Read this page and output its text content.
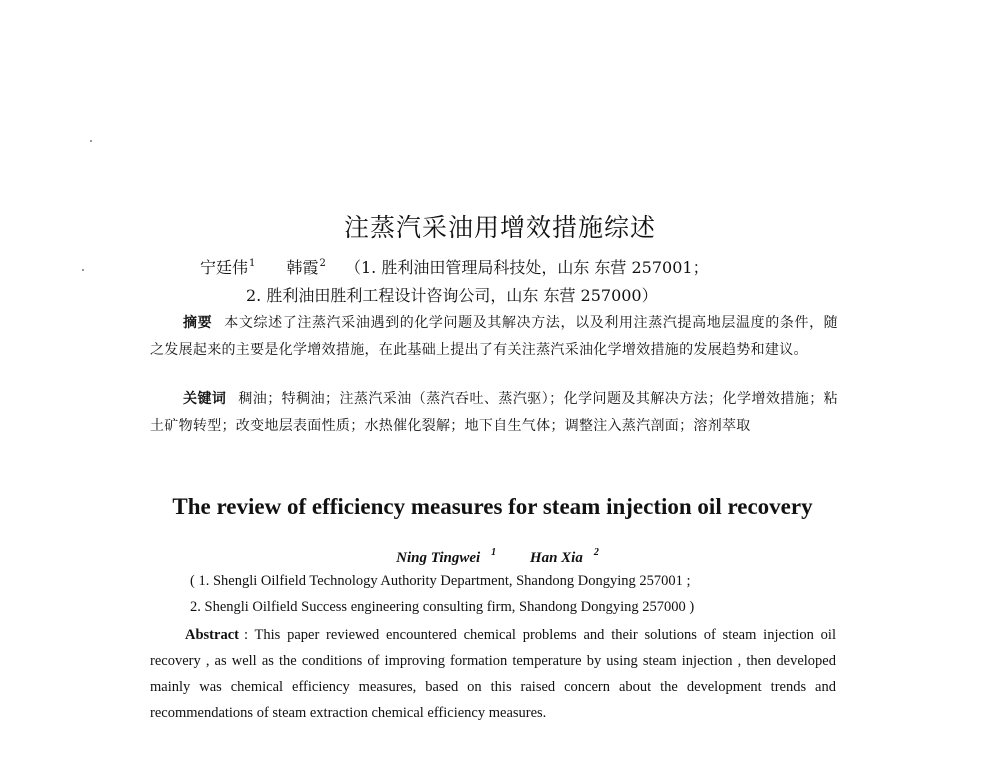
注蒸汽采油用增效措施综述
宁廷伟$^1$ 韩霞$^2$ （1. 胜利油田管理局科技处，山东 东营 257001；
2. 胜利油田胜利工程设计咨询公司，山东 东营 257000）
摘要 本文综述了注蒸汽采油遇到的化学问题及其解决方法，以及利用注蒸汽提高地层温度的条件，随之发展起来的主要是化学增效措施，在此基础上提出了有关注蒸汽采油化学增效措施的发展趋势和建议。
关键词 稠油；特稠油；注蒸汽采油（蒸汽吞吐、蒸汽驱）；化学问题及其解决方法；化学增效措施；粘土矿物转型；改变地层表面性质；水热催化裂解；地下自生气体；调整注入蒸汽剖面；溶剂萃取
The review of efficiency measures for steam injection oil recovery
Ning Tingwei $^1$ Han Xia $^2$
( 1. Shengli Oilfield Technology Authority Department, Shandong Dongying 257001 ;
2. Shengli Oilfield Success engineering consulting firm, Shandong Dongying 257000 )
Abstract : This paper reviewed encountered chemical problems and their solutions of steam injection oil recovery , as well as the conditions of improving formation temperature by using steam injection , then developed mainly was chemical efficiency measures, based on this raised concern about the development trends and recommendations of steam extraction chemical efficiency measures.
